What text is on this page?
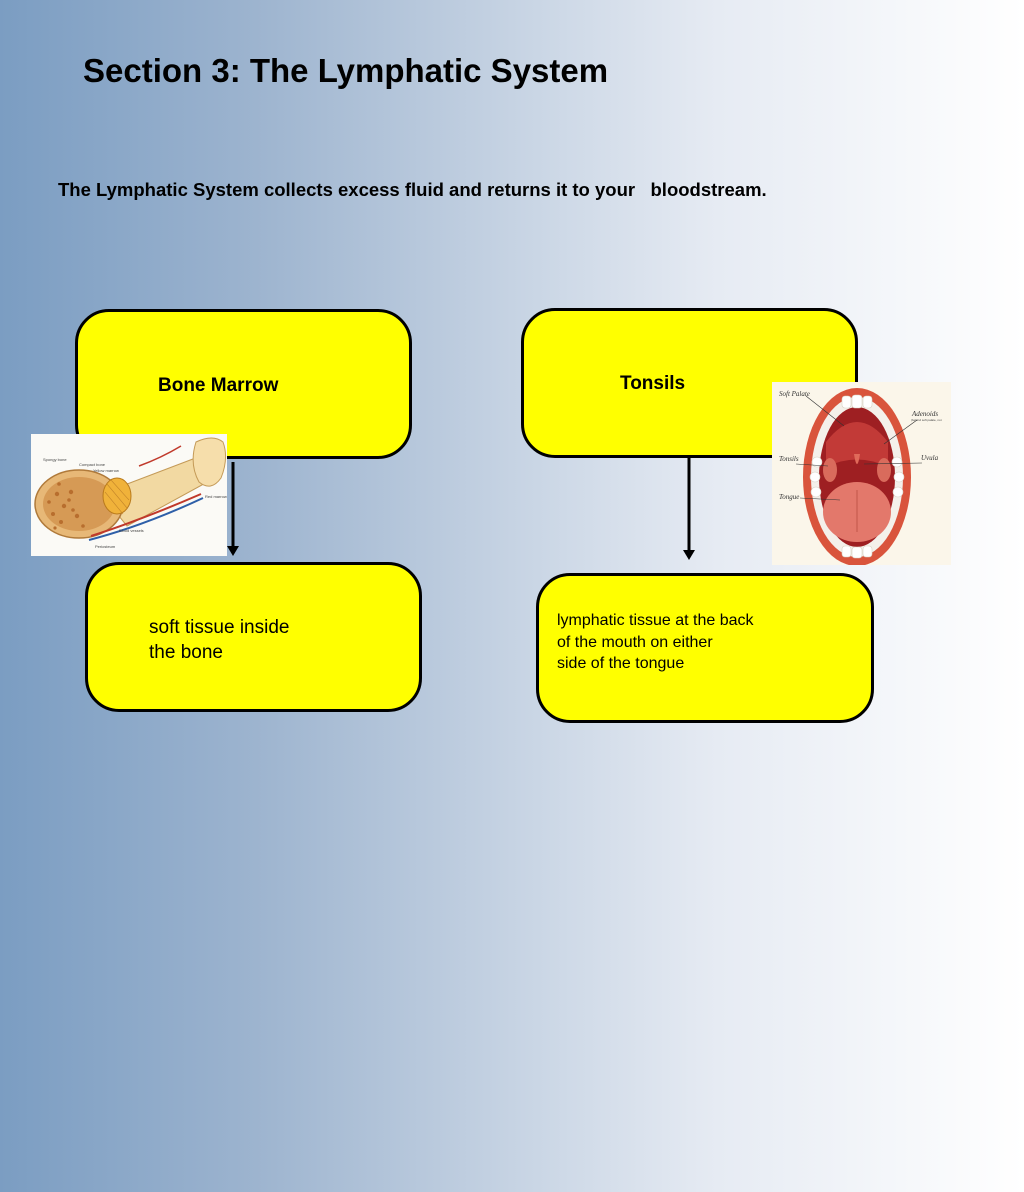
Section 3: The Lymphatic System
The Lymphatic System collects excess fluid and returns it to your   bloodstream.
Bone Marrow	Tonsils
soft tissue inside
the bone
lymphatic tissue at the back
of the mouth on either
side of the tongue
Spongy bone
Compact bone
Yellow marrow
Red marrow
Blood vessels
Periosteum
Soft Palate
Adenoids
(behind soft palate, not
Tonsils	Uvula
Tongue
